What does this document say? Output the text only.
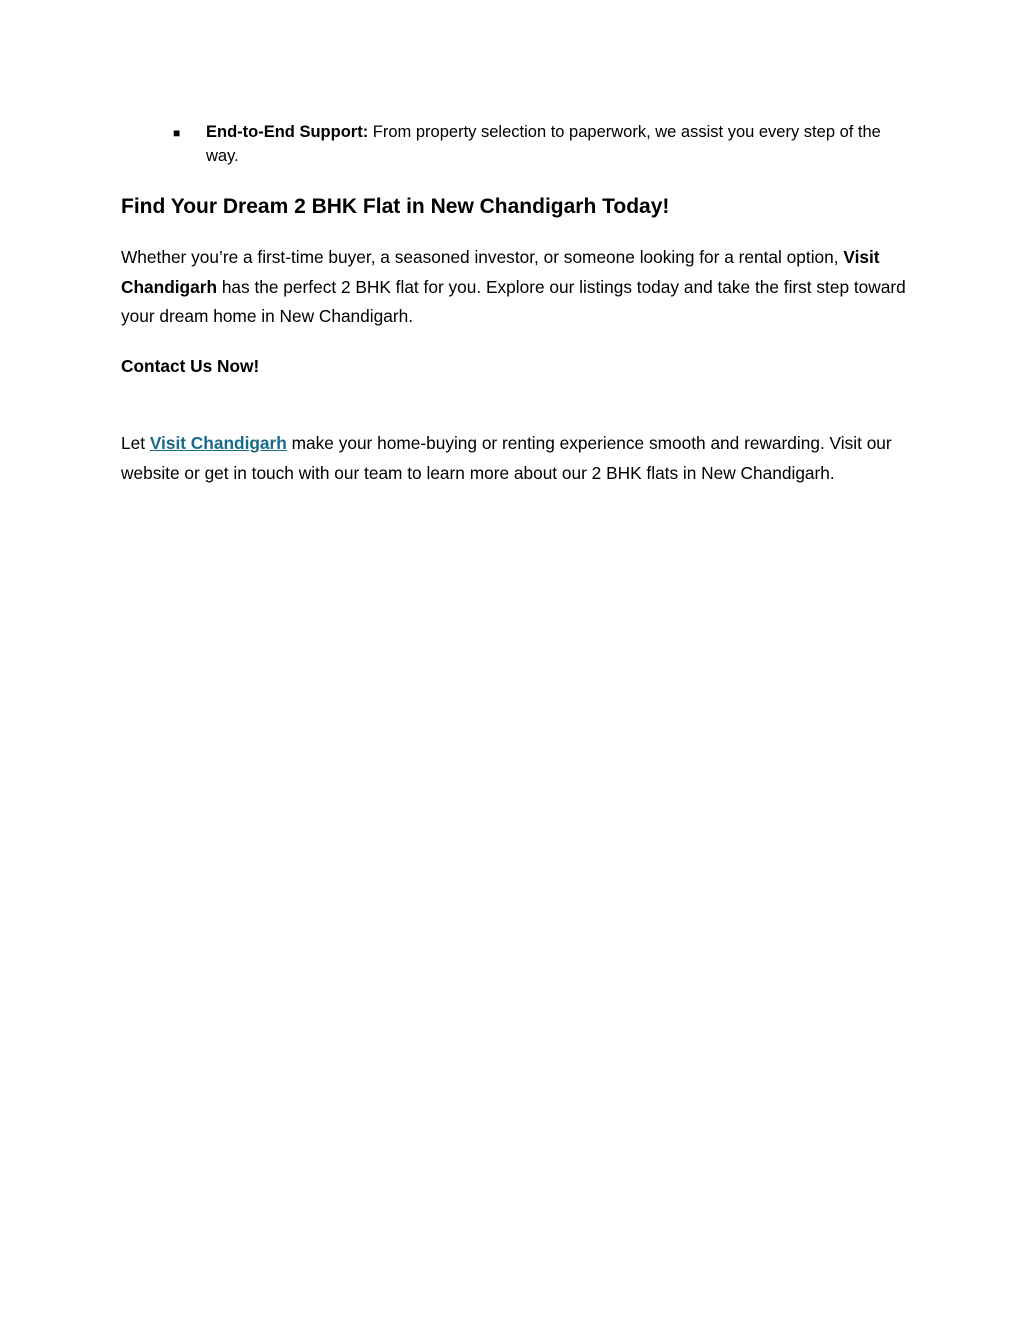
■ End-to-End Support: From property selection to paperwork, we assist you every step of the way.
Find Your Dream 2 BHK Flat in New Chandigarh Today!

Whether you’re a first-time buyer, a seasoned investor, or someone looking for a rental option, Visit Chandigarh has the perfect 2 BHK flat for you. Explore our listings today and take the first step toward your dream home in New Chandigarh.

Contact Us Now!

Let Visit Chandigarh make your home-buying or renting experience smooth and rewarding. Visit our website or get in touch with our team to learn more about our 2 BHK flats in New Chandigarh.
